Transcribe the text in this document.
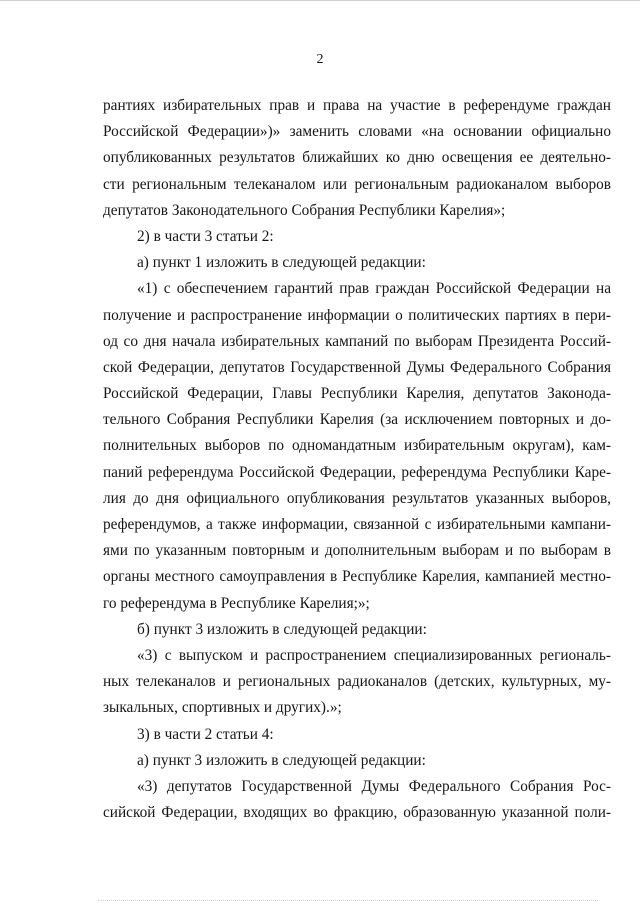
2
рантиях избирательных прав и права на участие в референдуме граждан
Российской Федерации»)» заменить словами «на основании официально
опубликованных результатов ближайших ко дню освещения ее деятельно-
сти региональным телеканалом или региональным радиоканалом выборов
депутатов Законодательного Собрания Республики Карелия»;
2) в части 3 статьи 2:
а) пункт 1 изложить в следующей редакции:
«1) с обеспечением гарантий прав граждан Российской Федерации на
получение и распространение информации о политических партиях в пери-
од со дня начала избирательных кампаний по выборам Президента Россий-
ской Федерации, депутатов Государственной Думы Федерального Собрания
Российской Федерации, Главы Республики Карелия, депутатов Законода-
тельного Собрания Республики Карелия (за исключением повторных и до-
полнительных выборов по одномандатным избирательным округам), кам-
паний референдума Российской Федерации, референдума Республики Каре-
лия до дня официального опубликования результатов указанных выборов,
референдумов, а также информации, связанной с избирательными кампани-
ями по указанным повторным и дополнительным выборам и по выборам в
органы местного самоуправления в Республике Карелия, кампанией местно-
го референдума в Республике Карелия;»;
б) пункт 3 изложить в следующей редакции:
«3) с выпуском и распространением специализированных региональ-
ных телеканалов и региональных радиоканалов (детских, культурных, му-
зыкальных, спортивных и других).»;
3) в части 2 статьи 4:
а) пункт 3 изложить в следующей редакции:
«3) депутатов Государственной Думы Федерального Собрания Рос-
сийской Федерации, входящих во фракцию, образованную указанной поли-
